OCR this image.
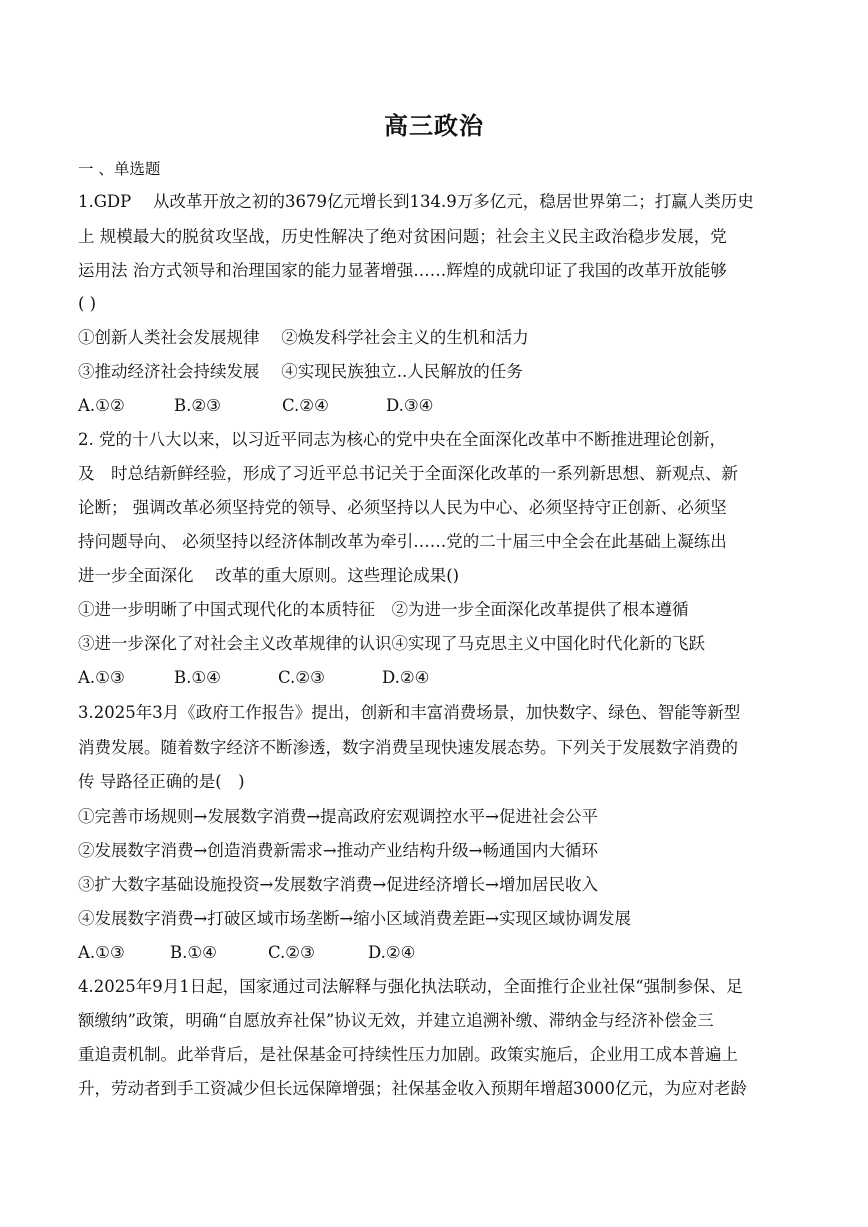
高三政治
一 、单选题
1.GDP　 从改革开放之初的3679亿元增长到134.9万多亿元，稳居世界第二；打赢人类历史
上 规模最大的脱贫攻坚战，历史性解决了绝对贫困问题；社会主义民主政治稳步发展，党
运用法 治方式领导和治理国家的能力显著增强……辉煌的成就印证了我国的改革开放能够
( )
①创新人类社会发展规律　 ②焕发科学社会主义的生机和活力
③推动经济社会持续发展　 ④实现民族独立..人民解放的任务
A.①②	B.②③	C.②④	D.③④
2. 党的十八大以来，以习近平同志为核心的党中央在全面深化改革中不断推进理论创新，
及　时总结新鲜经验，形成了习近平总书记关于全面深化改革的一系列新思想、新观点、新
论断； 强调改革必须坚持党的领导、必须坚持以人民为中心、必须坚持守正创新、必须坚
持问题导向、 必须坚持以经济体制改革为牵引……党的二十届三中全会在此基础上凝练出
进一步全面深化　 改革的重大原则。这些理论成果()
①进一步明晰了中国式现代化的本质特征　②为进一步全面深化改革提供了根本遵循
③进一步深化了对社会主义改革规律的认识④实现了马克思主义中国化时代化新的飞跃
A.①③	B.①④	C.②③	D.②④
3.2025年3月《政府工作报告》提出，创新和丰富消费场景，加快数字、绿色、智能等新型
消费发展。随着数字经济不断渗透，数字消费呈现快速发展态势。下列关于发展数字消费的
传 导路径正确的是(　)
①完善市场规则→发展数字消费→提高政府宏观调控水平→促进社会公平
②发展数字消费→创造消费新需求→推动产业结构升级→畅通国内大循环
③扩大数字基础设施投资→发展数字消费→促进经济增长→增加居民收入
④发展数字消费→打破区域市场垄断→缩小区域消费差距→实现区域协调发展
A.①③	B.①④	C.②③	D.②④
4.2025年9月1日起，国家通过司法解释与强化执法联动，全面推行企业社保“强制参保、足
额缴纳”政策，明确“自愿放弃社保”协议无效，并建立追溯补缴、滞纳金与经济补偿金三
重追责机制。此举背后，是社保基金可持续性压力加剧。政策实施后，企业用工成本普遍上
升，劳动者到手工资减少但长远保障增强；社保基金收入预期年增超3000亿元，为应对老龄
